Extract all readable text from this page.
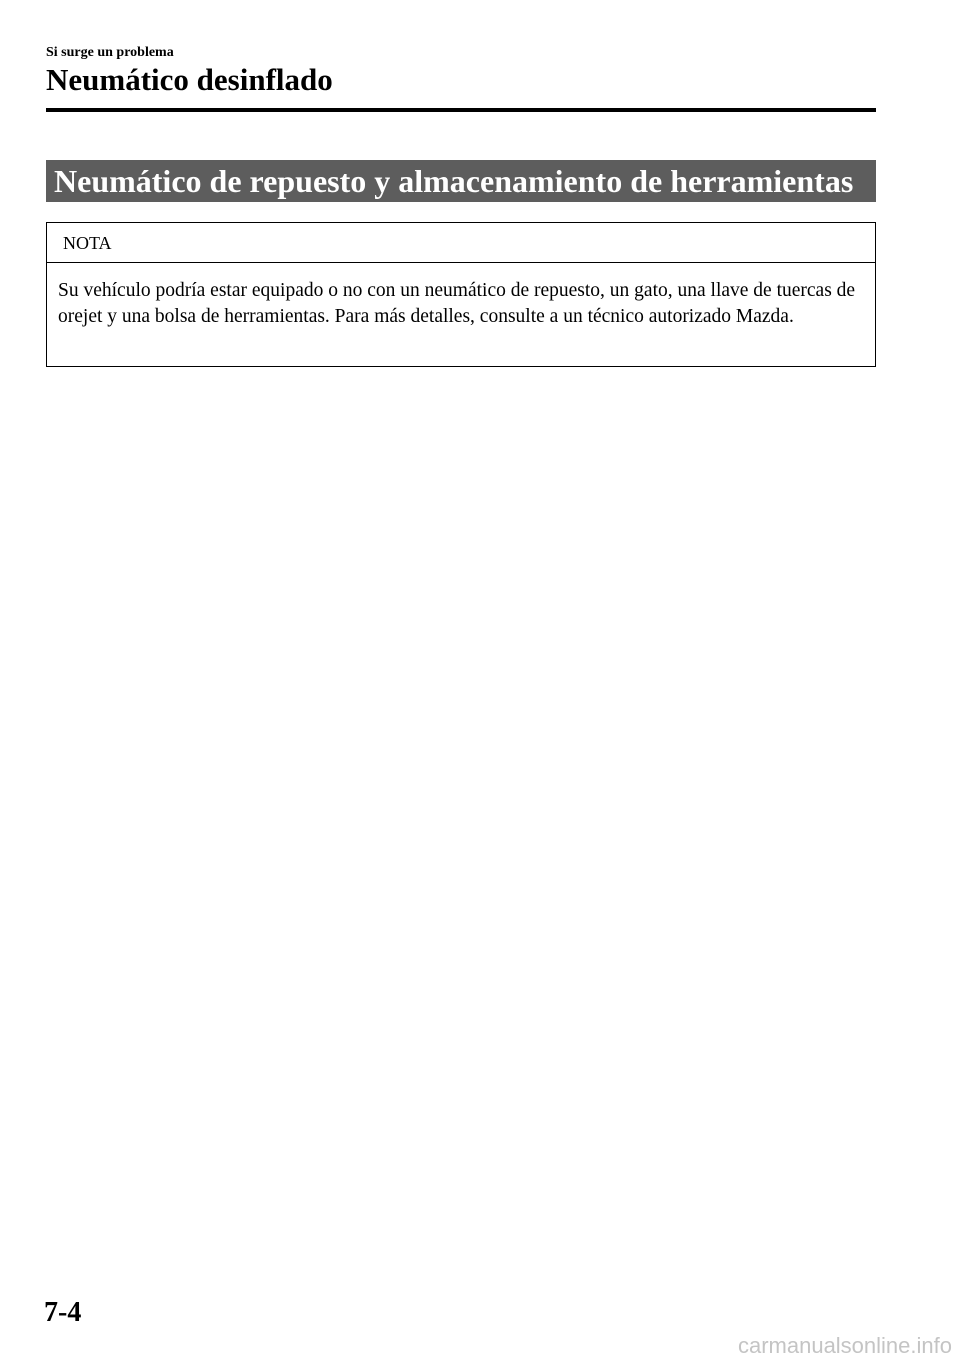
Si surge un problema
Neumático desinflado
Neumático de repuesto y almacenamiento de herramientas
NOTA
Su vehículo podría estar equipado o no con un neumático de repuesto, un gato, una llave de tuercas de orejet y una bolsa de herramientas. Para más detalles, consulte a un técnico autorizado Mazda.
7-4
carmanualsonline.info
